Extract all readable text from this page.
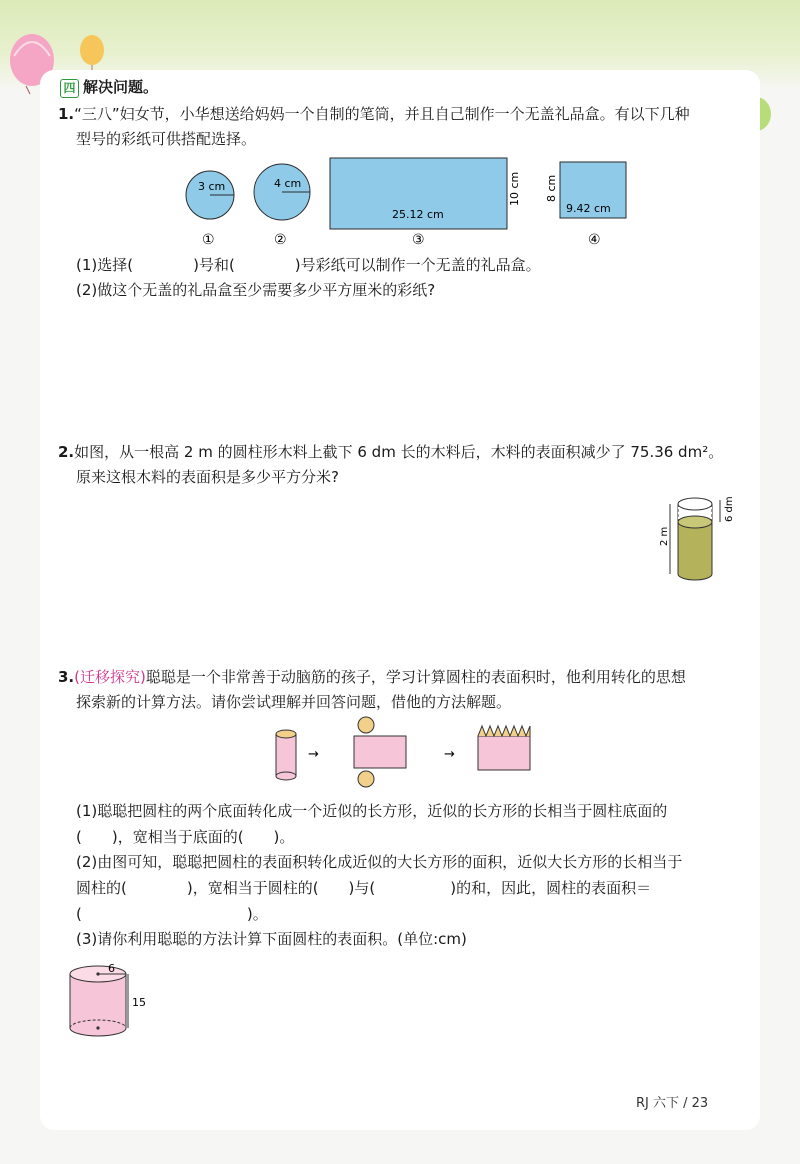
四 解决问题。
1.“三八”妇女节，小华想送给妈妈一个自制的笔筒，并且自己制作一个无盖礼品盒。有以下几种
型号的彩纸可供搭配选择。
3 cm	4 cm
25.12 cm
10 cm
9.42 cm
8 cm
①	②	③	④
(1)选择(　　　　)号和(　　　　)号彩纸可以制作一个无盖的礼品盒。
(2)做这个无盖的礼品盒至少需要多少平方厘米的彩纸?
2.如图，从一根高 2 m 的圆柱形木料上截下 6 dm 长的木料后，木料的表面积减少了 75.36 dm²。
原来这根木料的表面积是多少平方分米?
2 m
6 dm
3.(迁移探究)聪聪是一个非常善于动脑筋的孩子，学习计算圆柱的表面积时，他利用转化的思想
探索新的计算方法。请你尝试理解并回答问题，借他的方法解题。
→	→
(1)聪聪把圆柱的两个底面转化成一个近似的长方形，近似的长方形的长相当于圆柱底面的
(　　)，宽相当于底面的(　　)。
(2)由图可知，聪聪把圆柱的表面积转化成近似的大长方形的面积，近似大长方形的长相当于
圆柱的(　　　　)，宽相当于圆柱的(　　)与(　　　　　)的和，因此，圆柱的表面积＝
(　　　　　　　　　　　)。
(3)请你利用聪聪的方法计算下面圆柱的表面积。(单位:cm)
6
15
RJ 六下 / 23
